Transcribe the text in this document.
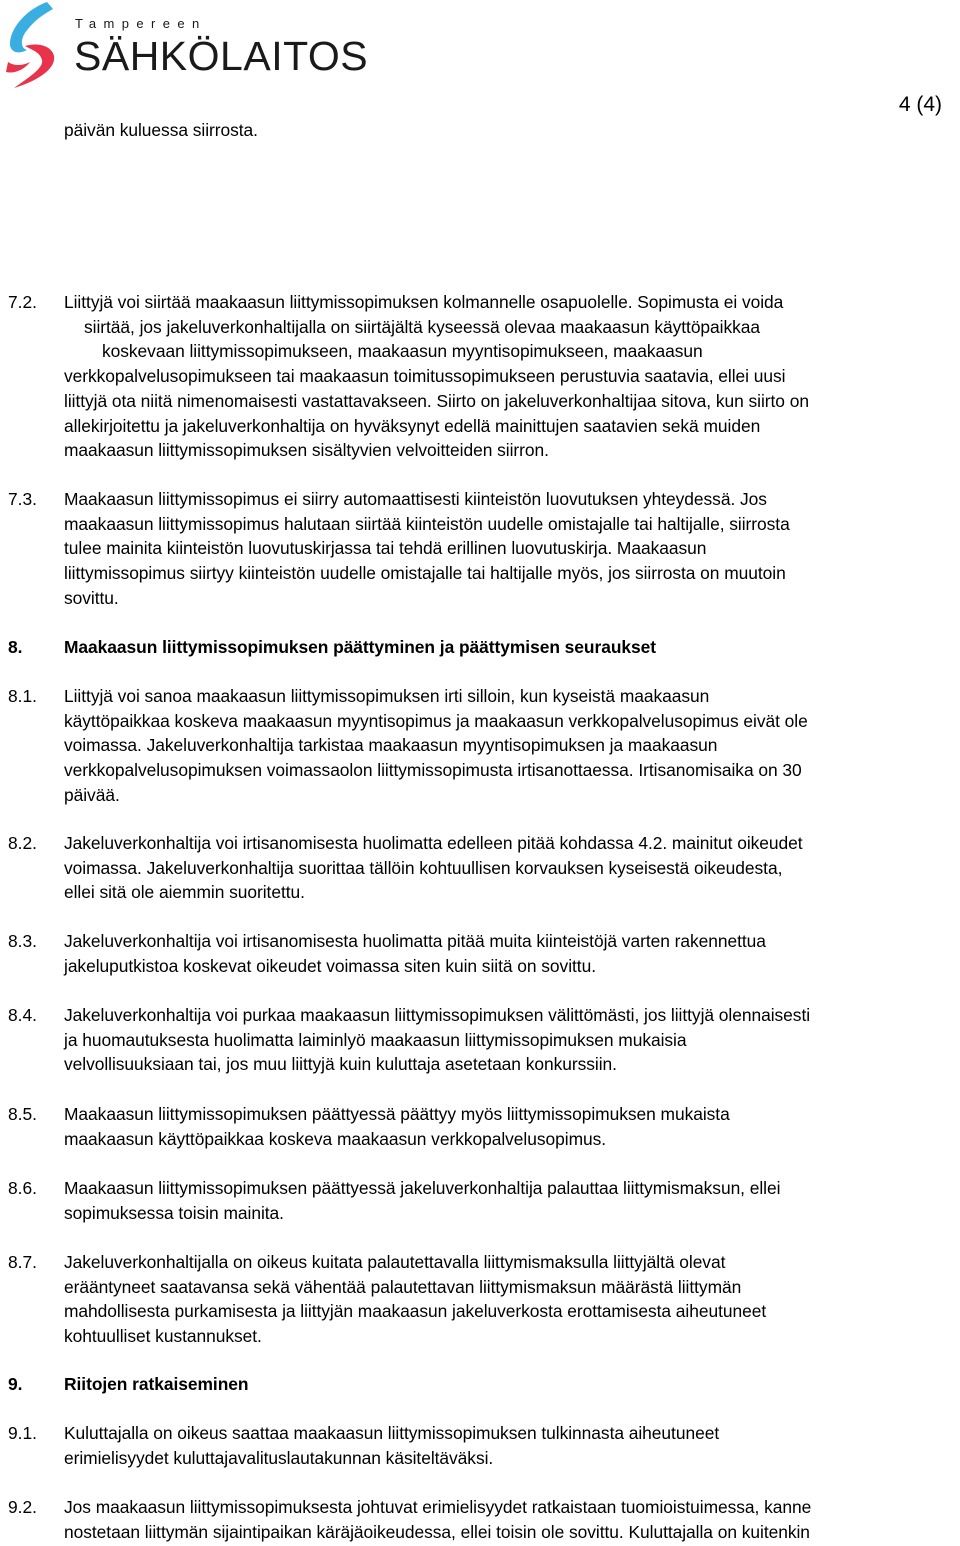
Tampereen
SÄHKÖLAITOS
4 (4)
päivän kuluessa siirrosta.
7.2. Liittyjä voi siirtää maakaasun liittymissopimuksen kolmannelle osapuolelle. Sopimusta ei voida
siirtää, jos jakeluverkonhaltijalla on siirtäjältä kyseessä olevaa maakaasun käyttöpaikkaa
koskevaan liittymissopimukseen, maakaasun myyntisopimukseen, maakaasun
verkkopalvelusopimukseen tai maakaasun toimitussopimukseen perustuvia saatavia, ellei uusi
liittyjä ota niitä nimenomaisesti vastattavakseen. Siirto on jakeluverkonhaltijaa sitova, kun siirto on
allekirjoitettu ja jakeluverkonhaltija on hyväksynyt edellä mainittujen saatavien sekä muiden
maakaasun liittymissopimuksen sisältyvien velvoitteiden siirron.
7.3. Maakaasun liittymissopimus ei siirry automaattisesti kiinteistön luovutuksen yhteydessä. Jos
maakaasun liittymissopimus halutaan siirtää kiinteistön uudelle omistajalle tai haltijalle, siirrosta
tulee mainita kiinteistön luovutuskirjassa tai tehdä erillinen luovutuskirja. Maakaasun
liittymissopimus siirtyy kiinteistön uudelle omistajalle tai haltijalle myös, jos siirrosta on muutoin
sovittu.
8. Maakaasun liittymissopimuksen päättyminen ja päättymisen seuraukset
8.1. Liittyjä voi sanoa maakaasun liittymissopimuksen irti silloin, kun kyseistä maakaasun
käyttöpaikkaa koskeva maakaasun myyntisopimus ja maakaasun verkkopalvelusopimus eivät ole
voimassa. Jakeluverkonhaltija tarkistaa maakaasun myyntisopimuksen ja maakaasun
verkkopalvelusopimuksen voimassaolon liittymissopimusta irtisanottaessa. Irtisanomisaika on 30
päivää.
8.2. Jakeluverkonhaltija voi irtisanomisesta huolimatta edelleen pitää kohdassa 4.2. mainitut oikeudet
voimassa. Jakeluverkonhaltija suorittaa tällöin kohtuullisen korvauksen kyseisestä oikeudesta,
ellei sitä ole aiemmin suoritettu.
8.3. Jakeluverkonhaltija voi irtisanomisesta huolimatta pitää muita kiinteistöjä varten rakennettua
jakeluputkistoa koskevat oikeudet voimassa siten kuin siitä on sovittu.
8.4. Jakeluverkonhaltija voi purkaa maakaasun liittymissopimuksen välittömästi, jos liittyjä olennaisesti
ja huomautuksesta huolimatta laiminlyö maakaasun liittymissopimuksen mukaisia
velvollisuuksiaan tai, jos muu liittyjä kuin kuluttaja asetetaan konkurssiin.
8.5. Maakaasun liittymissopimuksen päättyessä päättyy myös liittymissopimuksen mukaista
maakaasun käyttöpaikkaa koskeva maakaasun verkkopalvelusopimus.
8.6. Maakaasun liittymissopimuksen päättyessä jakeluverkonhaltija palauttaa liittymismaksun, ellei
sopimuksessa toisin mainita.
8.7. Jakeluverkonhaltijalla on oikeus kuitata palautettavalla liittymismaksulla liittyjältä olevat
erääntyneet saatavansa sekä vähentää palautettavan liittymismaksun määrästä liittymän
mahdollisesta purkamisesta ja liittyjän maakaasun jakeluverkosta erottamisesta aiheutuneet
kohtuulliset kustannukset.
9. Riitojen ratkaiseminen
9.1. Kuluttajalla on oikeus saattaa maakaasun liittymissopimuksen tulkinnasta aiheutuneet
erimielisyydet kuluttajavalituslautakunnan käsiteltäväksi.
9.2. Jos maakaasun liittymissopimuksesta johtuvat erimielisyydet ratkaistaan tuomioistuimessa, kanne
nostetaan liittymän sijaintipaikan käräjäoikeudessa, ellei toisin ole sovittu. Kuluttajalla on kuitenkin
